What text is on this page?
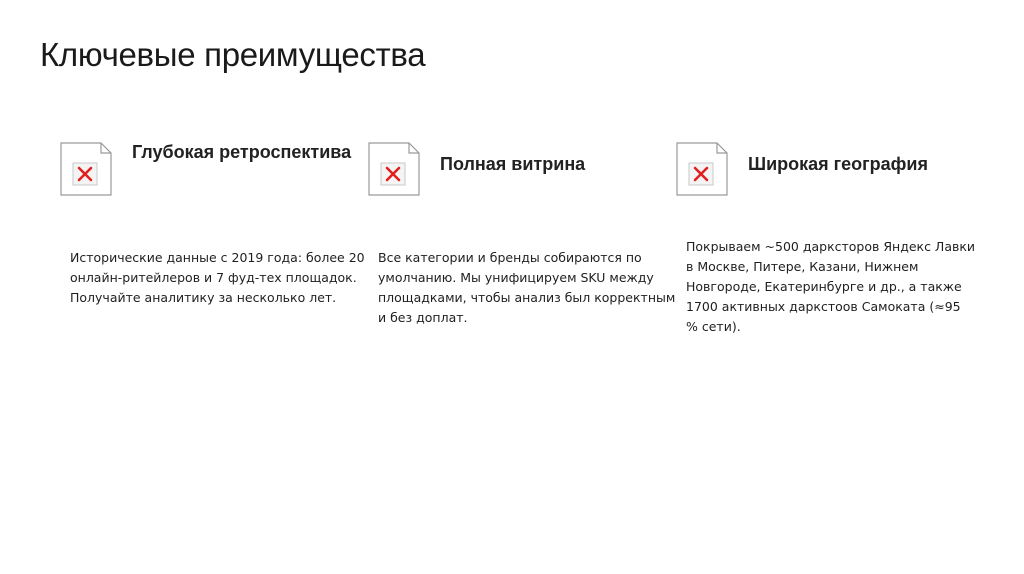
Ключевые преимущества
Глубокая ретроспектива
Исторические данные с 2019 года: более 20 онлайн-ритейлеров и 7 фуд-тех площадок. Получайте аналитику за несколько лет.
Полная витрина
Все категории и бренды собираются по умолчанию. Мы унифицируем SKU между площадками, чтобы анализ был корректным и без доплат.
Широкая география
Покрываем ~500 даркстoров Яндекс Лавки в Москве, Питере, Казани, Нижнем Новгороде, Екатеринбурге и др., а также 1700 активных даркстоов Самоката (≈95 % сети).
